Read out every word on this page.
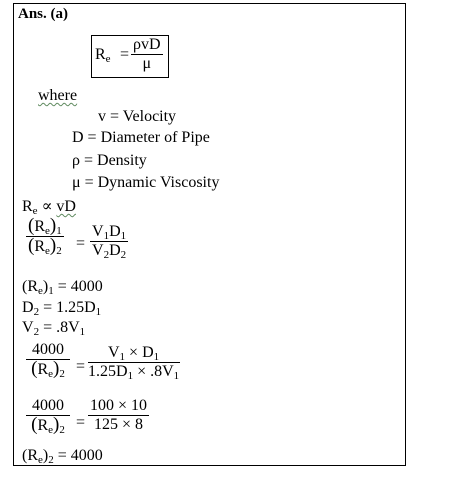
Ans. (a)
$R_e$ =
ρvD
μ
where
v = Velocity
D = Diameter of Pipe
ρ = Density
μ = Dynamic Viscosity
$R_e$ ∝ vD
$\frac{(R_e)_1}{(R_e)_2} = \frac{V_1D_1}{V_2D_2}$
$(R_e)_1 = 4000$
$D_2 = 1.25D_1$
$V_2 = .8V_1$
$\frac{4000}{(R_e)_2} = \frac{V_1 \times D_1}{1.25D_1 \times .8V_1}$
$\frac{4000}{(R_e)_2} = \frac{100 \times 10}{125 \times 8}$
$(R_e)_2 = 4000$
